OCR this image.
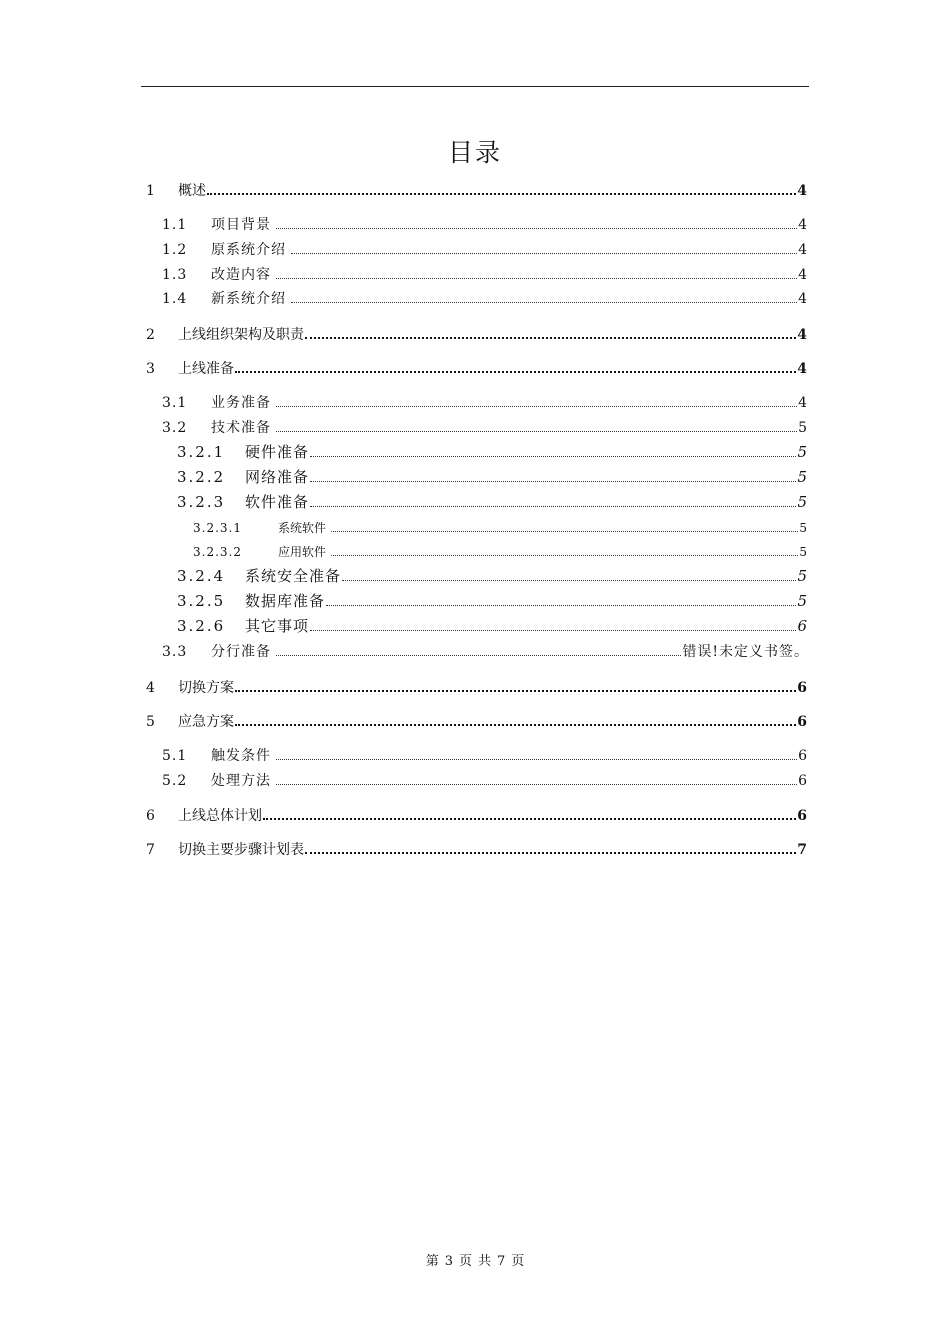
目录
1	概述	4
1.1	项目背景	4
1.2	原系统介绍	4
1.3	改造内容	4
1.4	新系统介绍	4
2	上线组织架构及职责	4
3	上线准备	4
3.1	业务准备	4
3.2	技术准备	5
3.2.1	硬件准备	5
3.2.2	网络准备	5
3.2.3	软件准备	5
3.2.3.1	系统软件	5
3.2.3.2	应用软件	5
3.2.4	系统安全准备	5
3.2.5	数据库准备	5
3.2.6	其它事项	6
3.3	分行准备	错误!未定义书签。
4	切换方案	6
5	应急方案	6
5.1	触发条件	6
5.2	处理方法	6
6	上线总体计划	6
7	切换主要步骤计划表	7
第 3 页 共 7 页
